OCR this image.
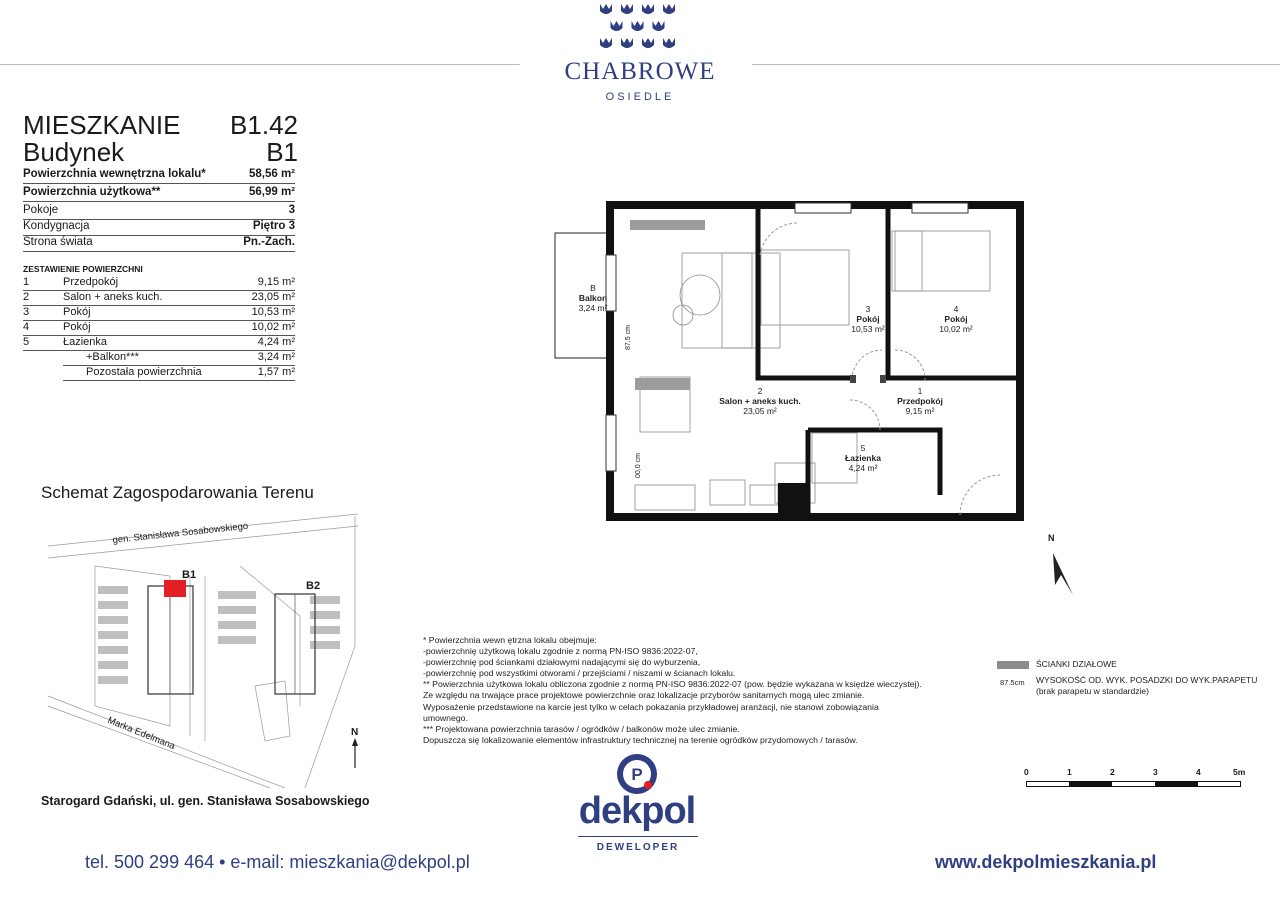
CHABROWE
OSIEDLE
MIESZKANIE B1.42
Budynek	B1
Powierzchnia wewnętrzna lokalu*	58,56 m²
Powierzchnia użytkowa**	56,99 m²
Pokoje	3
Kondygnacja	Piętro 3
Strona świata	Pn.-Zach.
ZESTAWIENIE POWIERZCHNI
1	Przedpokój	9,15 m²
2	Salon + aneks kuch.	23,05 m²
3	Pokój	10,53 m²
4	Pokój	10,02 m²
5	Łazienka	4,24 m²
+Balkon***	3,24 m²
Pozostała powierzchnia	1,57 m²
Schemat Zagospodarowania Terenu
gen. Stanisława Sosabowskiego
Marka Edelmana
B1
B2
N
Starogard Gdański, ul. gen. Stanisława Sosabowskiego
B
Balkon
3,24 m²
2
Salon + aneks kuch.
23,05 m²
3
Pokój
10,53 m²
4
Pokój
10,02 m²
1
Przedpokój
9,15 m²
5
Łazienka
4,24 m²
87,5 cm
00,0 cm
N
* Powierzchnia wewn ętrzna lokalu obejmuje:
-powierzchnię użytkową lokalu zgodnie z normą PN-ISO 9836:2022-07,
-powierzchnię pod ściankami działowymi nadającymi się do wyburzenia,
-powierzchnię pod wszystkimi otworami / przejściami / niszami w ścianach lokalu.
** Powierzchnia użytkowa lokalu obliczona zgodnie z normą PN-ISO 9836:2022-07 (pow. będzie wykazana w księdze wieczystej).
Ze względu na trwające prace projektowe powierzchnie oraz lokalizacje przyborów sanitarnych mogą ulec zmianie.
Wyposażenie przedstawione na karcie jest tylko w celach pokazania przykładowej aranżacji, nie stanowi zobowiązania
umownego.
*** Projektowana powierzchnia tarasów / ogródków / balkonów może ulec zmianie.
Dopuszcza się lokalizowanie elementów infrastruktury technicznej na terenie ogródków przydomowych / tarasów.
ŚCIANKI DZIAŁOWE
87.5cm WYSOKOŚĆ OD. WYK. POSADZKI DO WYK.PARAPETU
(brak parapetu w standardzie)
0	1	2	3	4	5m
P
dekpol
DEWELOPER
tel. 500 299 464 • e-mail: mieszkania@dekpol.pl	www.dekpolmieszkania.pl
